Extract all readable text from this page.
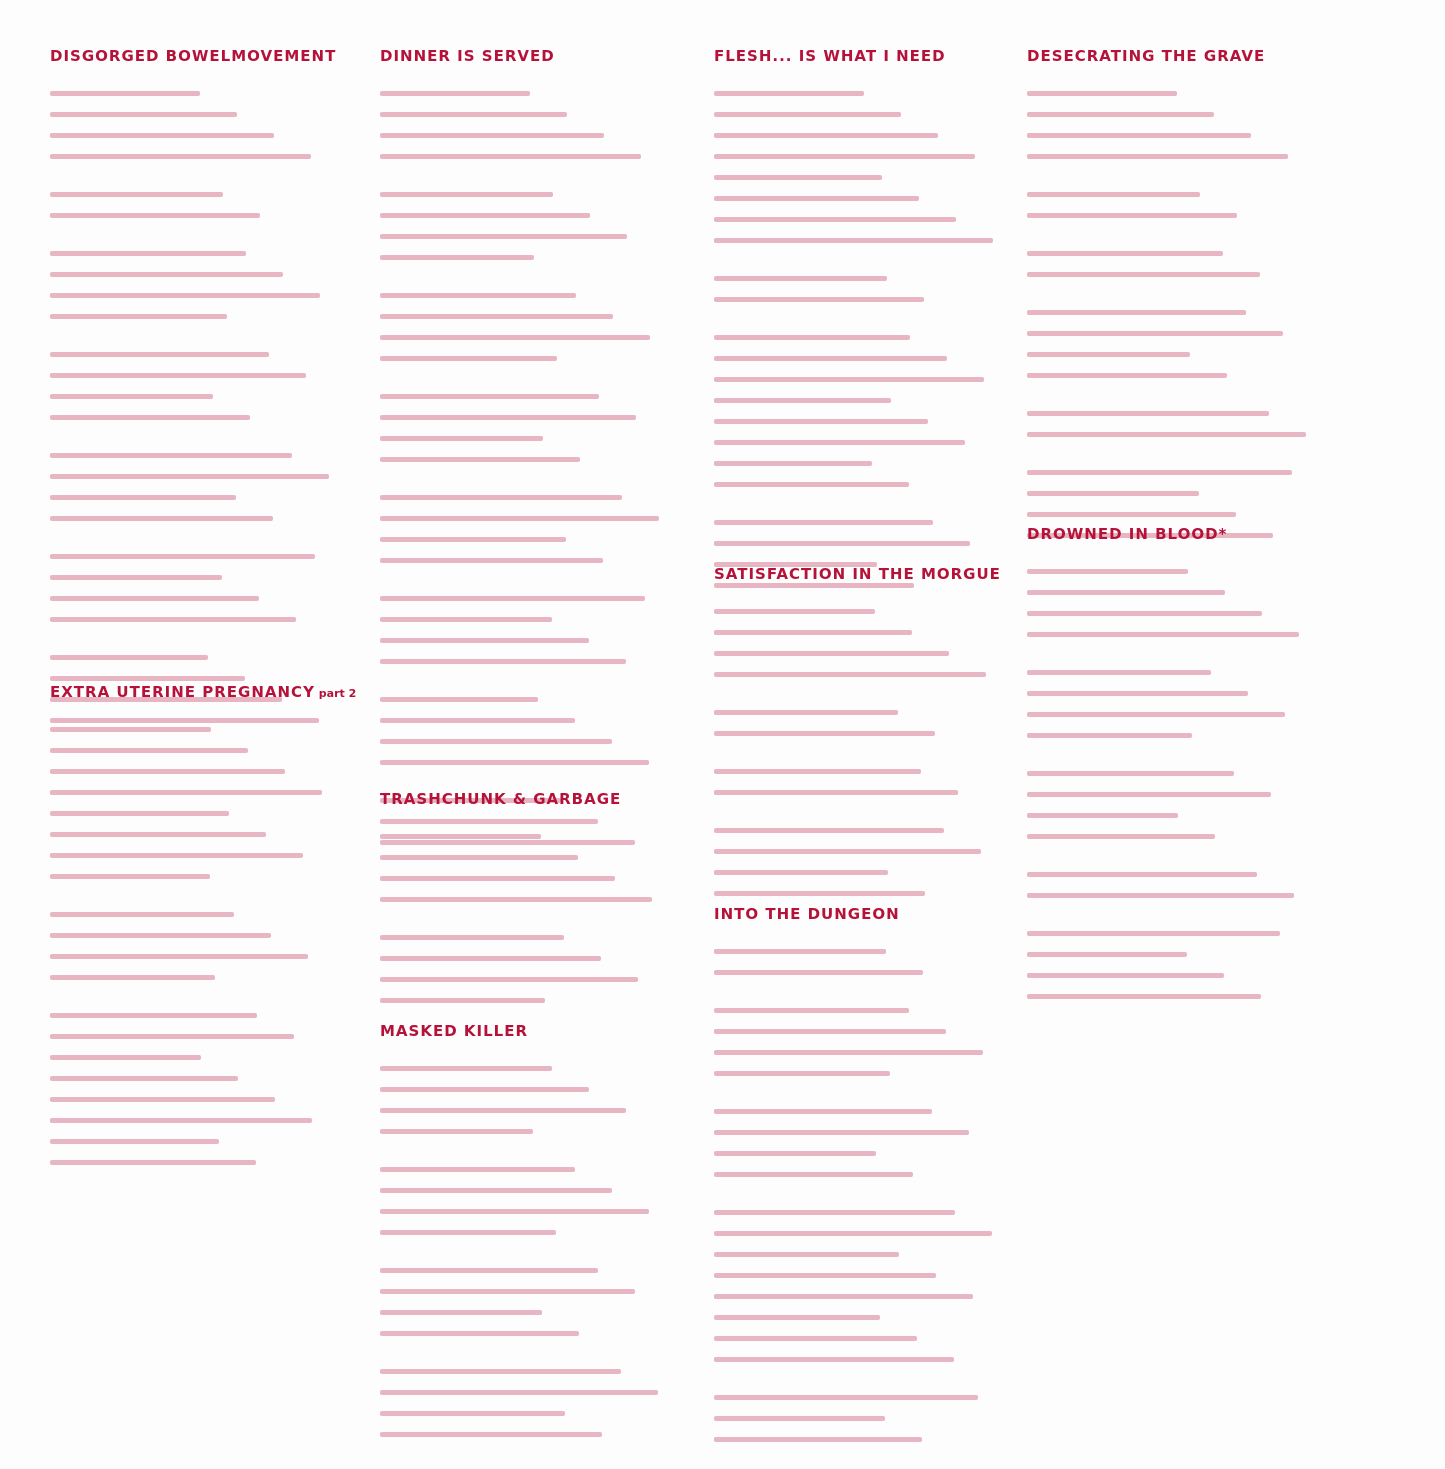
DISGORGED BOWELMOVEMENT
EXTRA UTERINE PREGNANCY part 2
DINNER IS SERVED
TRASHCHUNK & GARBAGE
MASKED KILLER
FLESH... IS WHAT I NEED
SATISFACTION IN THE MORGUE
INTO THE DUNGEON
DESECRATING THE GRAVE
DROWNED IN BLOOD*
